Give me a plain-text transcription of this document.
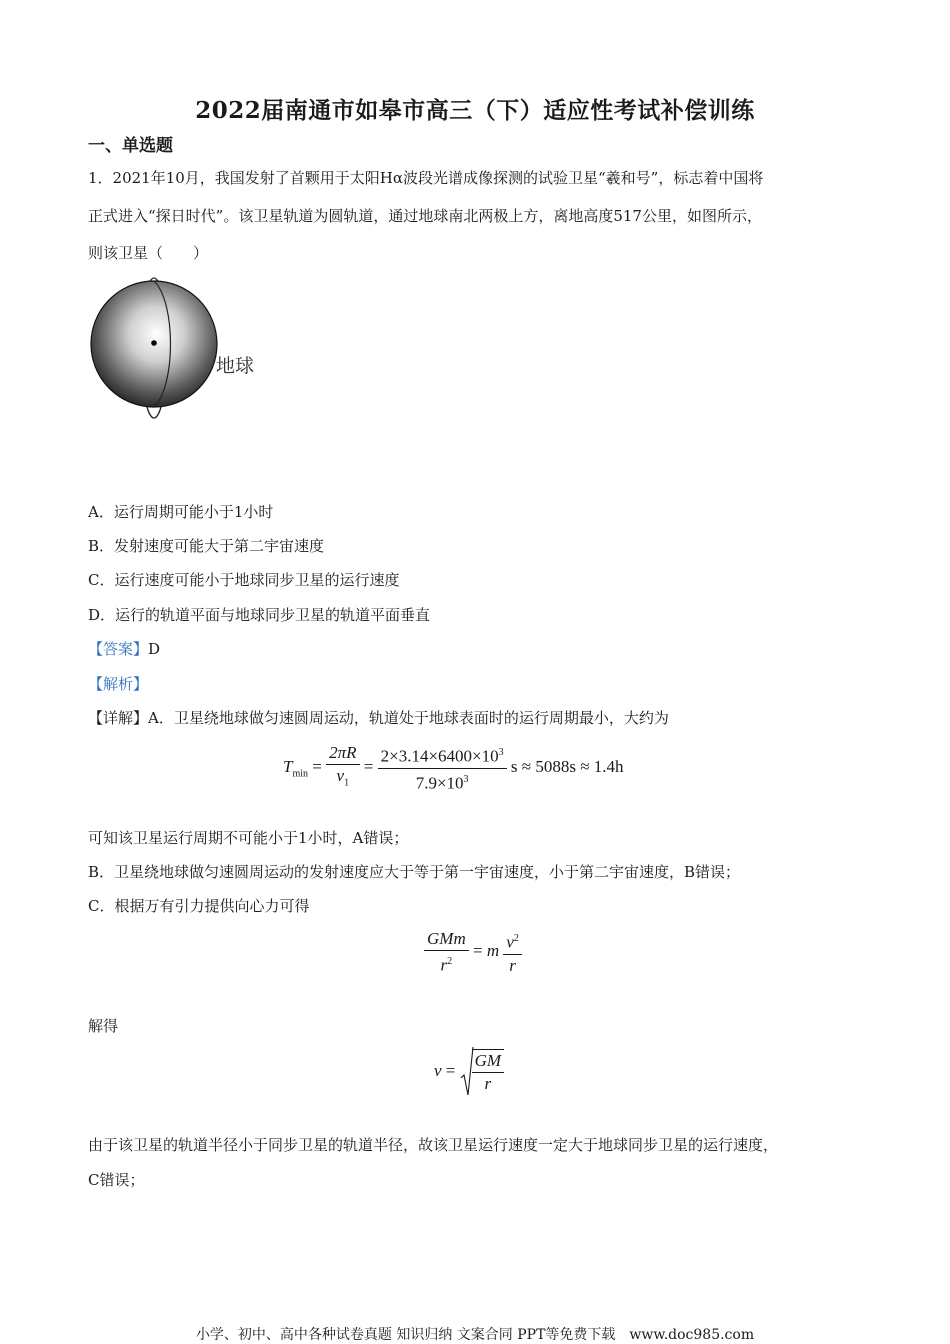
2022届南通市如皋市高三（下）适应性考试补偿训练
一、单选题
1．2021年10月，我国发射了首颗用于太阳Hα波段光谱成像探测的试验卫星“羲和号”，标志着中国将
正式进入“探日时代”。该卫星轨道为圆轨道，通过地球南北两极上方，离地高度517公里，如图所示，
则该卫星（　　）
地球
A．运行周期可能小于1小时
B．发射速度可能大于第二宇宙速度
C．运行速度可能小于地球同步卫星的运行速度
D．运行的轨道平面与地球同步卫星的轨道平面垂直
【答案】D
【解析】
【详解】A．卫星绕地球做匀速圆周运动，轨道处于地球表面时的运行周期最小，大约为
$T_{min} = \frac{2\pi R}{v_1} = \frac{2\times 3.14\times 6400\times 10^3}{7.9\times 10^3}$ s ≈ 5088s ≈ 1.4h
可知该卫星运行周期不可能小于1小时，A错误；
B．卫星绕地球做匀速圆周运动的发射速度应大于等于第一宇宙速度，小于第二宇宙速度，B错误；
C．根据万有引力提供向心力可得
$\frac{\text{GMm}}{r^2} = m \frac{v^2}{r}$
解得
$v = \frac{GM}{r}$
由于该卫星的轨道半径小于同步卫星的轨道半径，故该卫星运行速度一定大于地球同步卫星的运行速度，
C错误；
小学、初中、高中各种试卷真题 知识归纳 文案合同 PPT等免费下载　www.doc985.com
